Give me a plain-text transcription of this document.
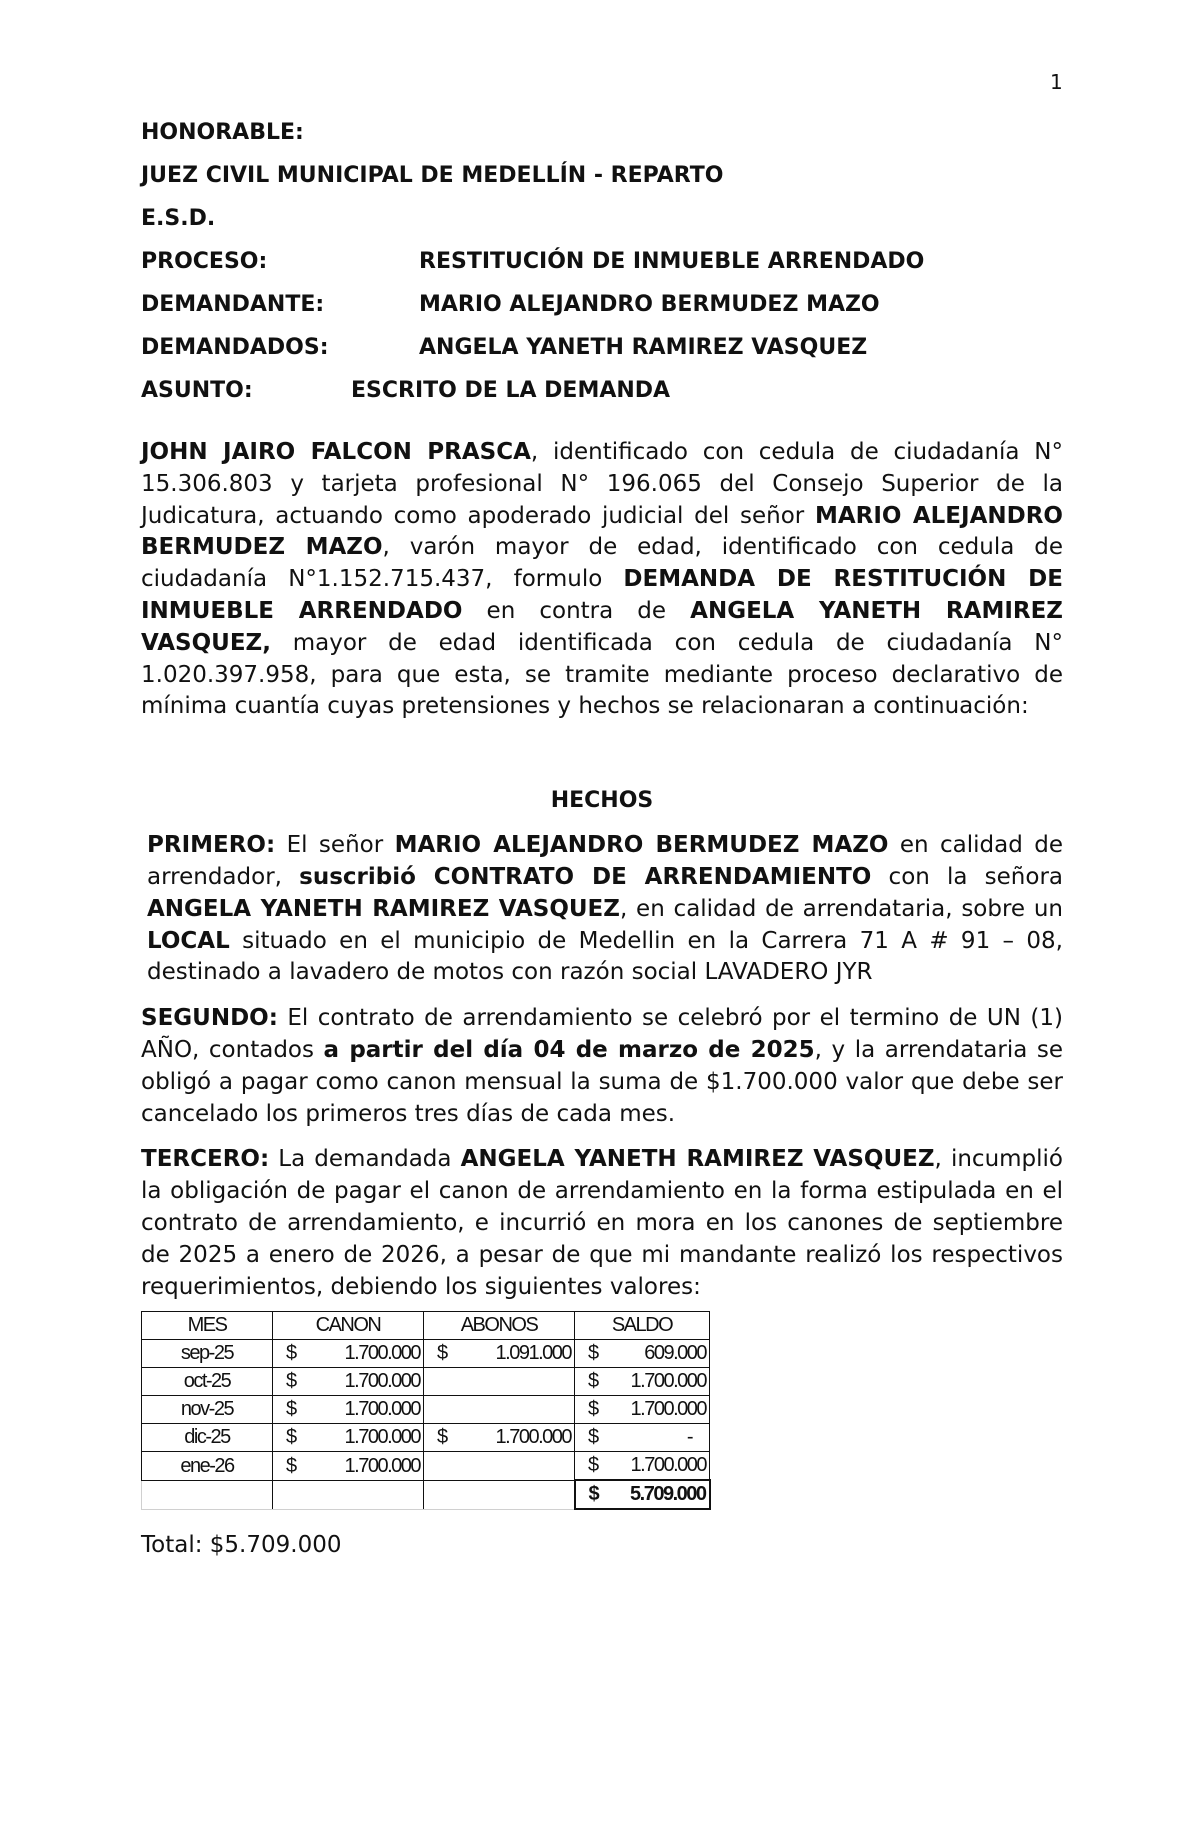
1
HONORABLE:
JUEZ CIVIL MUNICIPAL DE MEDELLÍN - REPARTO
E.S.D.
PROCESO:	RESTITUCIÓN DE INMUEBLE ARRENDADO
DEMANDANTE:	MARIO ALEJANDRO BERMUDEZ MAZO
DEMANDADOS:	ANGELA YANETH RAMIREZ VASQUEZ
ASUNTO:	ESCRITO DE LA DEMANDA

JOHN JAIRO FALCON PRASCA, identificado con cedula de ciudadanía N° 15.306.803 y tarjeta profesional N° 196.065 del Consejo Superior de la Judicatura, actuando como apoderado judicial del señor MARIO ALEJANDRO BERMUDEZ MAZO, varón mayor de edad, identificado con cedula de ciudadanía N°1.152.715.437, formulo DEMANDA DE RESTITUCIÓN DE INMUEBLE ARRENDADO en contra de ANGELA YANETH RAMIREZ VASQUEZ, mayor de edad identificada con cedula de ciudadanía N° 1.020.397.958, para que esta, se tramite mediante proceso declarativo de mínima cuantía cuyas pretensiones y hechos se relacionaran a continuación:

HECHOS

PRIMERO: El señor MARIO ALEJANDRO BERMUDEZ MAZO en calidad de arrendador, suscribió CONTRATO DE ARRENDAMIENTO con la señora ANGELA YANETH RAMIREZ VASQUEZ, en calidad de arrendataria, sobre un LOCAL situado en el municipio de Medellin en la Carrera 71 A # 91 – 08, destinado a lavadero de motos con razón social LAVADERO JYR

SEGUNDO: El contrato de arrendamiento se celebró por el termino de UN (1) AÑO, contados a partir del día 04 de marzo de 2025, y la arrendataria se obligó a pagar como canon mensual la suma de $1.700.000 valor que debe ser cancelado los primeros tres días de cada mes.

TERCERO: La demandada ANGELA YANETH RAMIREZ VASQUEZ, incumplió la obligación de pagar el canon de arrendamiento en la forma estipulada en el contrato de arrendamiento, e incurrió en mora en los canones de septiembre de 2025 a enero de 2026, a pesar de que mi mandante realizó los respectivos requerimientos, debiendo los siguientes valores:

MES	CANON	ABONOS	SALDO
sep-25	$ 1.700.000	$ 1.091.000	$ 609.000

oct-25	$ 1.700.000		$ 1.700.000

nov-25	$ 1.700.000		$ 1.700.000

dic-25	$ 1.700.000	$ 1.700.000	$ -

ene-26	$ 1.700.000		$ 1.700.000

			$ 5.709.000
Total: $5.709.000
